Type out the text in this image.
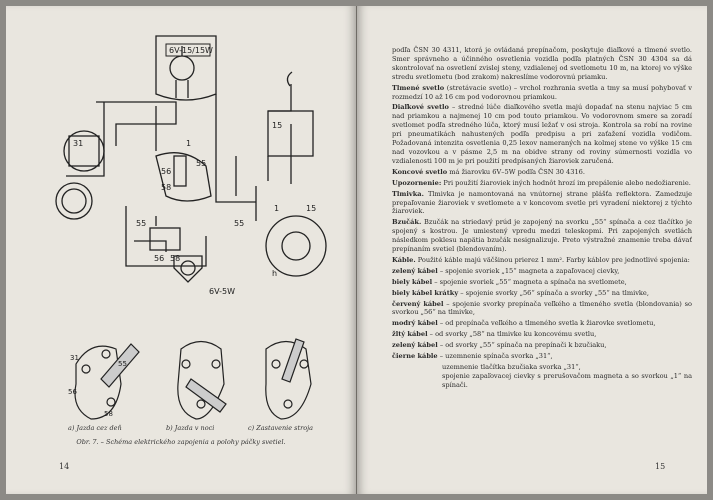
6V-15/15W
6V-5W
15
31
56
58
55
1
55
56 58
55
1	15
h
31
56
58
55
a) Jazda cez deň	b) Jazda v noci	c) Zastavenie stroja
Obr. 7. – Schéma elektrického zapojenia a polohy páčky svetiel.
14

podľa ČSN 30 4311, ktorá je ovládaná prepínačom, poskytuje diaľkové a tlmené svetlo. Smer správneho a účinného osvetlenia vozidla podľa platných ČSN 30 4304 sa dá skontrolovať na osvetlení zvislej steny, vzdialenej od svetlometu 10 m, na ktorej vo výške stredu svetlometu (bod zrakom) nakreslíme vodorovnú priamku.

Tlmené svetlo (stretávacie svetlo) – vrchol rozhrania svetla a tmy sa musí pohybovať v rozmedzí 10 až 16 cm pod vodorovnou priamkou.

Diaľkové svetlo – stredné lúče diaľkového svetla majú dopadať na stenu najviac 5 cm nad priamkou a najmenej 10 cm pod touto priamkou. Vo vodorovnom smere sa zoradí svetlomet podľa stredného lúča, ktorý musí ležať v osi stroja. Kontrola sa robí na rovine pri pneumatikách nahustených podľa predpisu a pri zaťažení vozidla vodičom. Požadovaná intenzita osvetlenia 0,25 lexov nameraných na kolmej stene vo výške 15 cm nad vozovkou a v pásme 2,5 m na obidve strany od roviny súmernosti vozidla vo vzdialenosti 100 m je pri použití predpísaných žiaroviek zaručená.

Koncové svetlo má žiarovku 6V–5W podľa ČSN 30 4316.

Upozornenie: Pri použití žiaroviek iných hodnôt hrozí im prepálenie alebo nedožiarenie.

Tlmivka. Tlmivka je namontovaná na vnútornej strane plášťa reflektora. Zamedzuje prepaľovanie žiaroviek v svetlomete a v koncovom svetle pri vyradení niektorej z týchto žiaroviek.

Bzučák. Bzučák na striedavý prúd je zapojený na svorku „55“ spínača a cez tlačítko je spojený s kostrou. Je umiestený vpredu medzi teleskopmi. Pri zapojených svetlách následkom poklesu napätia bzučák nesignalizuje. Preto výstražné znamenie treba dávať prepínaním svetiel (blendovaním).

Káble. Použité káble majú väčšinou prierez 1 mm². Farby káblov pre jednotlivé spojenia:

zelený kábel – spojenie svoriek „15“ magneta a zapaľovacej cievky,

biely kábel – spojenie svoriek „55“ magneta a spínača na svetlomete,

biely kábel krátky – spojenie svorky „56“ spínača a svorky „55“ na tlmivke,

červený kábel – spojenie svorky prepínača veľkého a tlmeného svetla (blondovania) so svorkou „56“ na tlmivke,

modrý kábel – od prepínača veľkého a tlmeného svetla k žiarovke svetlometu,

žltý kábel – od svorky „58“ na tlmivke ku koncovému svetlu,

zelený kábel – od svorky „55“ spínača na prepínači k bzučiaku,

čierne káble – uzemnenie spínača svorka „31“,

uzemnenie tlačítka bzučiaka svorka „31“,
spojenie zapaľovacej cievky s prerušovačom magneta a so svorkou „1“ na spínači.
15
